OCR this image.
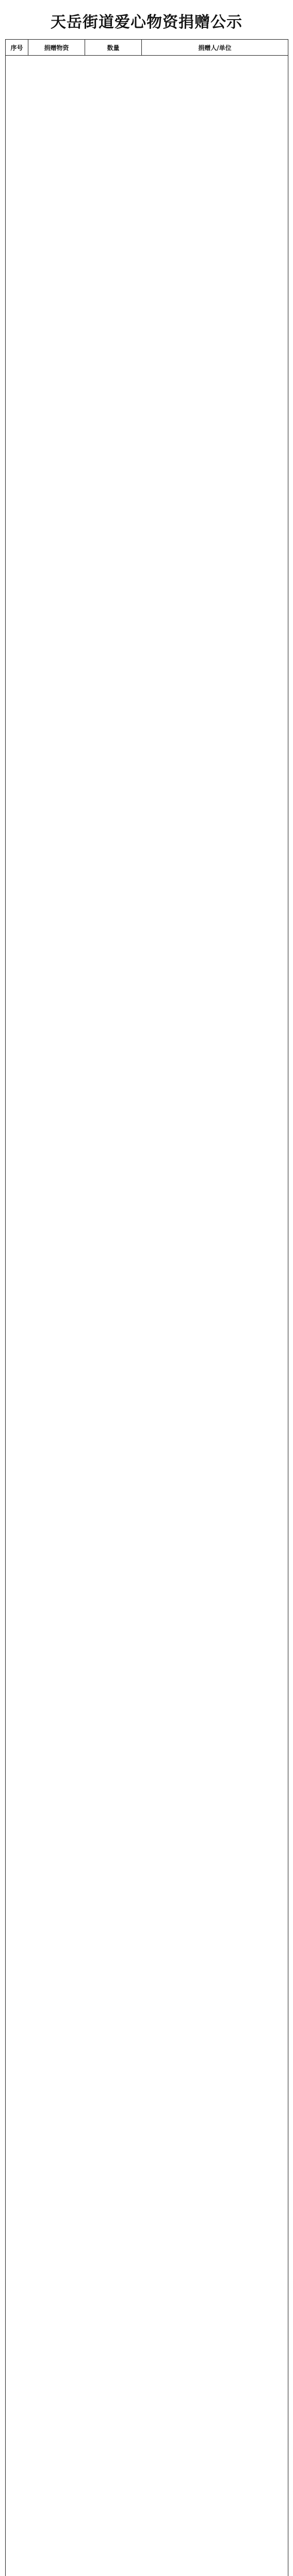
天岳街道爱心物资捐赠公示
序号	捐赠物资	数量	捐赠人/单位
